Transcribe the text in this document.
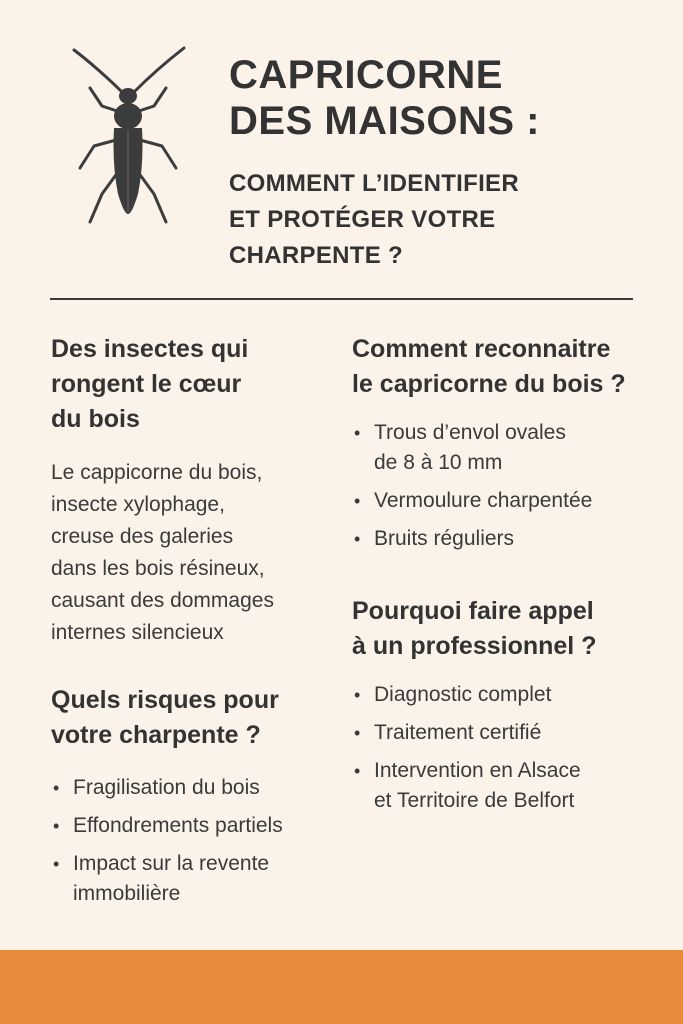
CAPRICORNE
DES MAISONS :
COMMENT L’IDENTIFIER
ET PROTÉGER VOTRE
CHARPENTE ?
Des insectes qui
rongent le cœur
du bois
Le cappicorne du bois,
insecte xylophage,
creuse des galeries
dans les bois résineux,
causant des dommages
internes silencieux
Quels risques pour
votre charpente ?
• Fragilisation du bois
• Effondrements partiels
• Impact sur la revente
immobilière
Comment reconnaitre
le capricorne du bois ?
• Trous d’envol ovales
de 8 à 10 mm
• Vermoulure charpentée
• Bruits réguliers
Pourquoi faire appel
à un professionnel ?
• Diagnostic complet
• Traitement certifié
• Intervention en Alsace
et Territoire de Belfort
